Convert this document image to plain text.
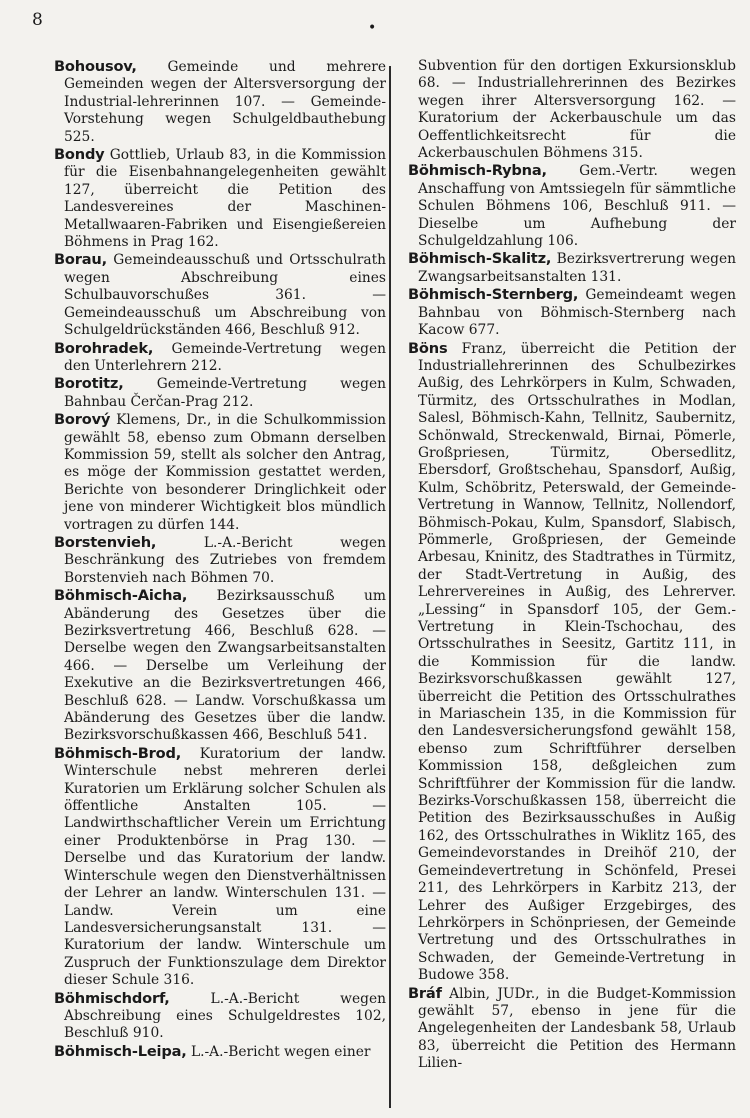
8	•
Bohousov, Gemeinde und mehrere Gemeinden wegen der Altersversorgung der Industrial-lehrerinnen 107. — Gemeinde-Vorstehung wegen Schulgeldbauthebung 525.
Bondy Gottlieb, Urlaub 83, in die Kommission für die Eisenbahnangelegenheiten gewählt 127, überreicht die Petition des Landesvereines der Maschinen-Metallwaaren-Fabriken und Eisengießereien Böhmens in Prag 162.
Borau, Gemeindeausschuß und Ortsschulrath wegen Abschreibung eines Schulbauvorschußes 361. — Gemeindeausschuß um Abschreibung von Schulgeldrückständen 466, Beschluß 912.
Borohradek, Gemeinde-Vertretung wegen den Unterlehrern 212.
Borotitz, Gemeinde-Vertretung wegen Bahnbau Čerčan-Prag 212.
Borový Klemens, Dr., in die Schulkommission gewählt 58, ebenso zum Obmann derselben Kommission 59, stellt als solcher den Antrag, es möge der Kommission gestattet werden, Berichte von besonderer Dringlichkeit oder jene von minderer Wichtigkeit blos mündlich vortragen zu dürfen 144.
Borstenvieh,	L.-A.-Bericht wegen Beschränkung des Zutriebes von fremdem Borstenvieh nach Böhmen 70.
Böhmisch-Aicha, Bezirksausschuß um Abänderung des Gesetzes über die Bezirksvertretung 466, Beschluß 628. — Derselbe wegen den Zwangsarbeitsanstalten 466. — Derselbe um Verleihung der Exekutive an die Bezirksvertretungen 466, Beschluß 628. — Landw. Vorschußkassa um Abänderung des Gesetzes über die landw. Bezirksvorschußkassen 466, Beschluß 541.
Böhmisch-Brod, Kuratorium der landw. Winterschule nebst mehreren derlei Kuratorien um Erklärung solcher Schulen als öffentliche Anstalten 105. — Landwirthschaftlicher Verein um Errichtung einer Produktenbörse in Prag 130. — Derselbe und das Kuratorium der landw. Winterschule wegen den Dienstverhältnissen der Lehrer an landw. Winterschulen 131. — Landw. Verein um eine Landesversicherungsanstalt 131. — Kuratorium der landw. Winterschule um Zuspruch der Funktionszulage dem Direktor dieser Schule 316.
Böhmischdorf,	L.-A.-Bericht wegen Abschreibung eines Schulgeldrestes 102, Beschluß 910.
Böhmisch-Leipa, L.-A.-Bericht wegen einer
Subvention für den dortigen Exkursionsklub 68. — Industriallehrerinnen des Bezirkes wegen ihrer Altersversorgung 162. — Kuratorium der Ackerbauschule um das Oeffentlichkeitsrecht für die Ackerbauschulen Böhmens 315.
Böhmisch-Rybna, Gem.-Vertr. wegen Anschaffung von Amtssiegeln für sämmtliche Schulen Böhmens 106, Beschluß 911. — Dieselbe um Aufhebung der Schulgeldzahlung 106.
Böhmisch-Skalitz, Bezirksvertrerung wegen Zwangsarbeitsanstalten 131.
Böhmisch-Sternberg, Gemeindeamt wegen Bahnbau von Böhmisch-Sternberg nach Kacow 677.
Böns Franz, überreicht die Petition der Industriallehrerinnen des Schulbezirkes Außig, des Lehrkörpers in Kulm, Schwaden, Türmitz, des Ortsschulrathes in Modlan, Salesl, Böhmisch-Kahn, Tellnitz, Saubernitz, Schönwald, Streckenwald, Birnai, Pömerle, Großpriesen, Türmitz, Obersedlitz, Ebersdorf, Großtschehau, Spansdorf, Außig, Kulm, Schöbritz, Peterswald, der Gemeinde-Vertretung in Wannow, Tellnitz, Nollendorf, Böhmisch-Pokau, Kulm, Spansdorf, Slabisch, Pömmerle, Großpriesen, der Gemeinde Arbesau, Kninitz, des Stadtrathes in Türmitz, der Stadt-Vertretung in Außig, des Lehrervereines in Außig, des Lehrerver. „Lessing“ in Spansdorf 105, der Gem.-Vertretung in Klein-Tschochau, des Ortsschulrathes in Seesitz, Gartitz 111, in die Kommission für die landw. Bezirksvorschußkassen gewählt 127, überreicht die Petition des Ortsschulrathes in Mariaschein 135, in die Kommission für den Landesversicherungsfond gewählt 158, ebenso zum Schriftführer derselben Kommission 158, deßgleichen zum Schriftführer der Kommission für die landw. Bezirks-Vorschußkassen 158, überreicht die Petition des Bezirksausschußes in Außig 162, des Ortsschulrathes in Wiklitz 165, des Gemeindevorstandes in Dreihöf 210, der Gemeindevertretung in Schönfeld, Presei 211, des Lehrkörpers in Karbitz 213, der Lehrer des Außiger Erzgebirges, des Lehrkörpers in Schönpriesen, der Gemeinde Vertretung und des Ortsschulrathes in Schwaden, der Gemeinde-Vertretung in Budowe 358.
Bráf Albin, JUDr., in die Budget-Kommission gewählt 57, ebenso in jene für die Angelegenheiten der Landesbank 58, Urlaub 83, überreicht die Petition des Hermann Lilien-
